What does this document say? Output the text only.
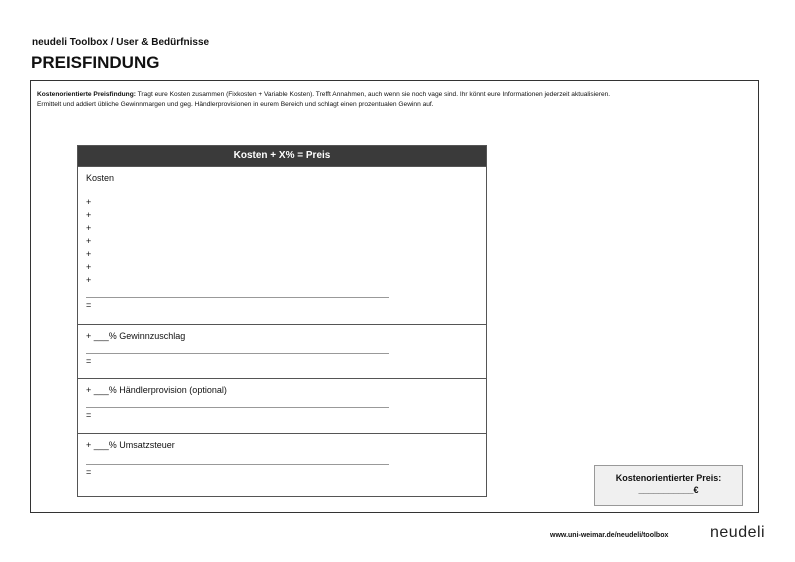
neudeli Toolbox / User & Bedürfnisse
PREISFINDUNG
Kostenorientierte Preisfindung: Tragt eure Kosten zusammen (Fixkosten + Variable Kosten). Trefft Annahmen, auch wenn sie noch vage sind. Ihr könnt eure Informationen jederzeit aktualisieren. Ermittelt und addiert übliche Gewinnmargen und geg. Händlerprovisionen in eurem Bereich und schlagt einen prozentualen Gewinn auf.
Kosten + X% = Preis
Kosten
+
+
+
+
+
+
+
=
+ ___% Gewinnzuschlag
=
+ ___% Händlerprovision (optional)
=
+ ___% Umsatzsteuer
=
Kostenorientierter Preis:
___________€
www.uni-weimar.de/neudeli/toolbox	neudeli
